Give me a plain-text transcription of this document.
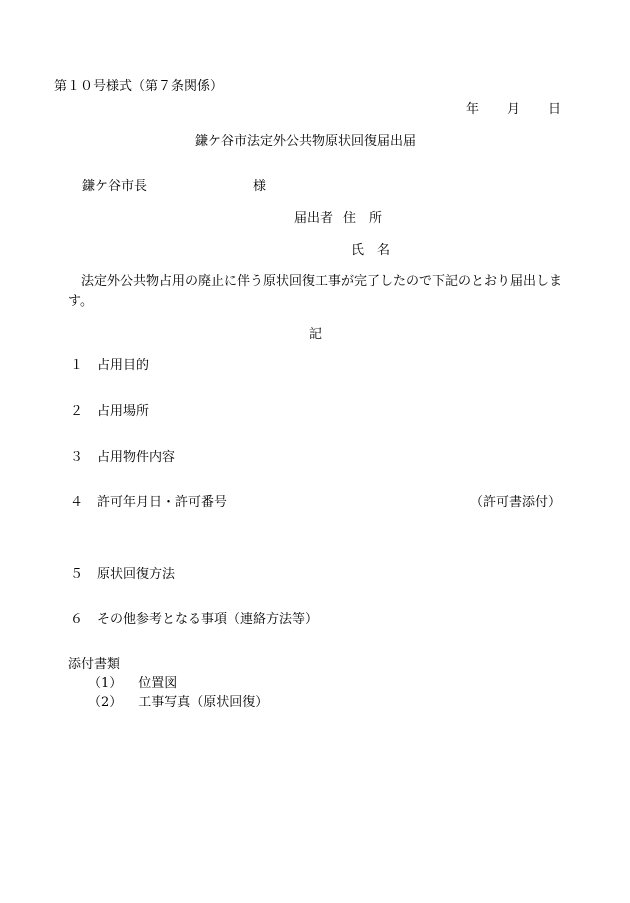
第１０号様式（第７条関係）
年 月 日
鎌ケ谷市法定外公共物原状回復届出届
鎌ケ谷市長	様
届出者 住　所
氏　名
法定外公共物占用の廃止に伴う原状回復工事が完了したので下記のとおり届出します。
記
１ 占用目的
２ 占用場所
３ 占用物件内容
４ 許可年月日・許可番号	（許可書添付）
５ 原状回復方法
６ その他参考となる事項（連絡方法等）
添付書類
（1） 位置図
（2） 工事写真（原状回復）
